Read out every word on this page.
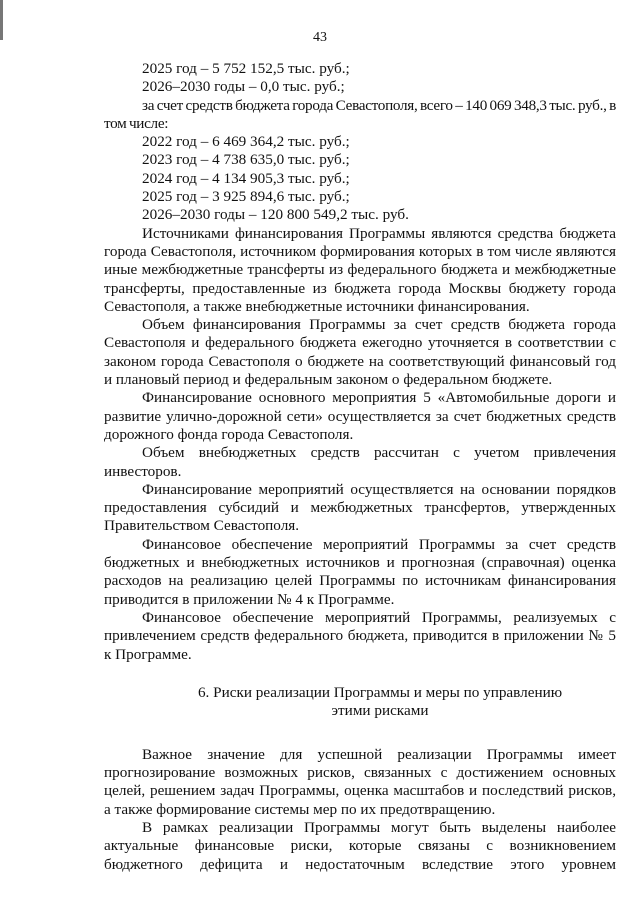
43

2025 год – 5 752 152,5 тыс. руб.;

2026–2030 годы – 0,0 тыс. руб.;

за счет средств бюджета города Севастополя, всего – 140 069 348,3 тыс. руб., в том числе:

2022 год – 6 469 364,2 тыс. руб.;

2023 год – 4 738 635,0 тыс. руб.;

2024 год – 4 134 905,3 тыс. руб.;

2025 год – 3 925 894,6 тыс. руб.;

2026–2030 годы – 120 800 549,2 тыс. руб.

Источниками финансирования Программы являются средства бюджета города Севастополя, источником формирования которых в том числе являются иные межбюджетные трансферты из федерального бюджета и межбюджетные трансферты, предоставленные из бюджета города Москвы бюджету города Севастополя, а также внебюджетные источники финансирования.

Объем финансирования Программы за счет средств бюджета города Севастополя и федерального бюджета ежегодно уточняется в соответствии с законом города Севастополя о бюджете на соответствующий финансовый год и плановый период и федеральным законом о федеральном бюджете.

Финансирование основного мероприятия 5 «Автомобильные дороги и развитие улично-дорожной сети» осуществляется за счет бюджетных средств дорожного фонда города Севастополя.

Объем внебюджетных средств рассчитан с учетом привлечения инвесторов.

Финансирование мероприятий осуществляется на основании порядков предоставления субсидий и межбюджетных трансфертов, утвержденных Правительством Севастополя.

Финансовое обеспечение мероприятий Программы за счет средств бюджетных и внебюджетных источников и прогнозная (справочная) оценка расходов на реализацию целей Программы по источникам финансирования приводится в приложении № 4 к Программе.

Финансовое обеспечение мероприятий Программы, реализуемых с привлечением средств федерального бюджета, приводится в приложении № 5 к Программе.

6. Риски реализации Программы и меры по управлению

этими рисками

Важное значение для успешной реализации Программы имеет прогнозирование возможных рисков, связанных с достижением основных целей, решением задач Программы, оценка масштабов и последствий рисков, а также формирование системы мер по их предотвращению.

В рамках реализации Программы могут быть выделены наиболее актуальные финансовые риски, которые связаны с возникновением бюджетного дефицита и недостаточным вследствие этого уровнем
